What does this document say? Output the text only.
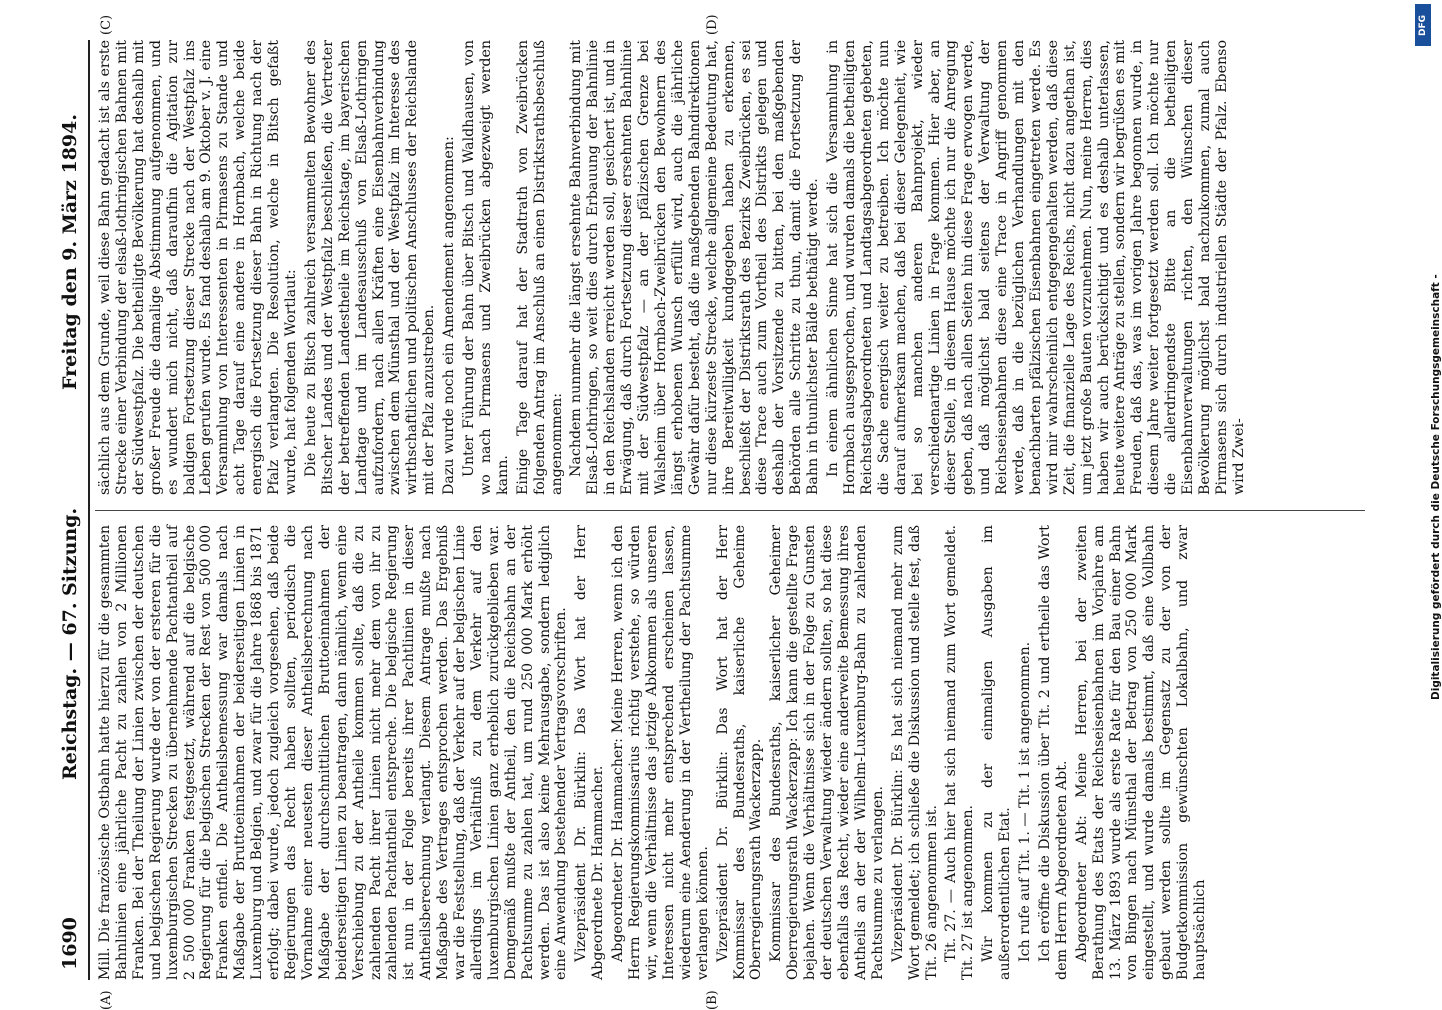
1690
Reichstag. — 67. Sitzung.
Freitag den 9. März 1894.
(A)	(B)
(C)	(D)

Mill. Die französische Ostbahn hatte hierzu für die gesammten Bahnlinien eine jährliche Pacht zu zahlen von 2 Millionen Franken. Bei der Theilung der Linien zwischen der deutschen und belgischen Regierung wurde der von der ersteren für die luxemburgischen Strecken zu übernehmende Pachtantheil auf 2 500 000 Franken festgesetzt, während auf die belgische Regierung für die belgischen Strecken der Rest von 500 000 Franken entfiel. Die Antheilsbemessung war damals nach Maßgabe der Bruttoeinnahmen der beiderseitigen Linien in Luxemburg und Belgien, und zwar für die Jahre 1868 bis 1871 erfolgt; dabei wurde, jedoch zugleich vorgesehen, daß beide Regierungen das Recht haben sollten, periodisch die Vornahme einer neuesten dieser Antheilsberechnung nach Maßgabe der durchschnittlichen Bruttoeinnahmen der beiderseitigen Linien zu beantragen, dann nämlich, wenn eine Verschiebung zu der Antheile kommen sollte, daß die zu zahlenden Pacht ihrer Linien nicht mehr dem von ihr zu zahlenden Pachtantheil entspreche. Die belgische Regierung ist nun in der Folge bereits ihrer Pachtlinien in dieser Antheilsberechnung verlangt. Diesem Antrage mußte nach Maßgabe des Vertrages entsprochen werden. Das Ergebniß war die Feststellung, daß der Verkehr auf der belgischen Linie allerdings im Verhältniß zu dem Verkehr auf den luxemburgischen Linien ganz erheblich zurückgeblieben war. Demgemäß mußte der Antheil, den die Reichsbahn an der Pachtsumme zu zahlen hat, um rund 250 000 Mark erhöht werden. Das ist also keine Mehrausgabe, sondern lediglich eine Anwendung bestehender Vertragsvorschriften. Vizepräsident Dr. Bürklin: Das Wort hat der Herr Abgeordnete Dr. Hammacher. Abgeordneter Dr. Hammacher: Meine Herren, wenn ich den Herrn Regierungskommissarius richtig verstehe, so würden wir, wenn die Verhältnisse das jetzige Abkommen als unseren Interessen nicht mehr entsprechend erscheinen lassen, wiederum eine Aenderung in der Vertheilung der Pachtsumme verlangen können. Vizepräsident Dr. Bürklin: Das Wort hat der Herr Kommissar des Bundesraths, kaiserliche Geheime Oberregierungsrath Wackerzapp. Kommissar des Bundesraths, kaiserlicher Geheimer Oberregierungsrath Wackerzapp: Ich kann die gestellte Frage bejahen. Wenn die Verhältnisse sich in der Folge zu Gunsten der deutschen Verwaltung wieder ändern sollten, so hat diese ebenfalls das Recht, wieder eine anderweite Bemessung ihres Antheils an der der Wilhelm-Luxemburg-Bahn zu zahlenden Pachtsumme zu verlangen. Vizepräsident Dr. Bürklin: Es hat sich niemand mehr zum Wort gemeldet; ich schließe die Diskussion und stelle fest, daß Tit. 26 angenommen ist. Tit. 27. — Auch hier hat sich niemand zum Wort gemeldet. Tit. 27 ist angenommen. Wir kommen zu der einmaligen Ausgaben im außerordentlichen Etat. Ich rufe auf Tit. 1. — Tit. 1 ist angenommen. Ich eröffne die Diskussion über Tit. 2 und ertheile das Wort dem Herrn Abgeordneten Abt. Abgeordneter Abt: Meine Herren, bei der zweiten Berathung des Etats der Reichseisenbahnen im Vorjahre am 13. März 1893 wurde als erste Rate für den Bau einer Bahn von Bingen nach Münsthal der Betrag von 250 000 Mark eingestellt, und wurde damals bestimmt, daß eine Vollbahn gebaut werden sollte im Gegensatz zu der von der Budgetkommission gewünschten Lokalbahn, und zwar hauptsächlich

sächlich aus dem Grunde, weil diese Bahn gedacht ist als erste Strecke einer Verbindung der elsaß-lothringischen Bahnen mit der Südwestpfalz. Die betheiligte Bevölkerung hat deshalb mit großer Freude die damalige Abstimmung aufgenommen, und es wundert mich nicht, daß daraufhin die Agitation zur baldigen Fortsetzung dieser Strecke nach der Westpfalz ins Leben gerufen wurde. Es fand deshalb am 9. Oktober v. J. eine Versammlung von Interessenten in Pirmasens zu Stande und acht Tage darauf eine andere in Hornbach, welche beide energisch die Fortsetzung dieser Bahn in Richtung nach der Pfalz verlangten. Die Resolution, welche in Bitsch gefaßt wurde, hat folgenden Wortlaut: Die heute zu Bitsch zahlreich versammelten Bewohner des Bitscher Landes und der Westpfalz beschließen, die Vertreter der betreffenden Landestheile im Reichstage, im bayerischen Landtage und im Landesausschuß von Elsaß-Lothringen aufzufordern, nach allen Kräften eine Eisenbahnverbindung zwischen dem Münsthal und der Westpfalz im Interesse des wirthschaftlichen und politischen Anschlusses der Reichslande mit der Pfalz anzustreben. Dazu wurde noch ein Amendement angenommen: Unter Führung der Bahn über Bitsch und Waldhausen, von wo nach Pirmasens und Zweibrücken abgezweigt werden kann. Einige Tage darauf hat der Stadtrath von Zweibrücken folgenden Antrag im Anschluß an einen Distriktsrathsbeschluß angenommen: Nachdem nunmehr die längst ersehnte Bahnverbindung mit Elsaß-Lothringen, so weit dies durch Erbauung der Bahnlinie in den Reichslanden erreicht werden soll, gesichert ist, und in Erwägung, daß durch Fortsetzung dieser ersehnten Bahnlinie mit der Südwestpfalz — an der pfälzischen Grenze bei Walsheim über Hornbach-Zweibrücken den Bewohnern des längst erhobenen Wunsch erfüllt wird, auch die jährliche Gewähr dafür besteht, daß die maßgebenden Bahndirektionen nur diese kürzeste Strecke, welche allgemeine Bedeutung hat, ihre Bereitwilligkeit kundgegeben haben zu erkennen, beschließt der Distriktsrath des Bezirks Zweibrücken, es sei diese Trace auch zum Vortheil des Distrikts gelegen und deshalb der Vorsitzende zu bitten, bei den maßgebenden Behörden alle Schritte zu thun, damit die Fortsetzung der Bahn in thunlichster Bälde bethätigt werde. In einem ähnlichen Sinne hat sich die Versammlung in Hornbach ausgesprochen, und wurden damals die betheiligten Reichstagsabgeordneten und Landtagsabgeordneten gebeten, die Sache energisch weiter zu betreiben. Ich möchte nun darauf aufmerksam machen, daß bei dieser Gelegenheit, wie bei so manchen anderen Bahnprojekt, wieder verschiedenartige Linien in Frage kommen. Hier aber, an dieser Stelle, in diesem Hause möchte ich nur die Anregung geben, daß nach allen Seiten hin diese Frage erwogen werde, und daß möglichst bald seitens der Verwaltung der Reichseisenbahnen diese eine Trace in Angriff genommen werde, daß in die bezüglichen Verhandlungen mit den benachbarten pfälzischen Eisenbahnen eingetreten werde. Es wird mir wahrscheinlich entgegengehalten werden, daß diese Zeit, die finanzielle Lage des Reichs, nicht dazu angethan ist, um jetzt große Bauten vorzunehmen. Nun, meine Herren, dies haben wir auch berücksichtigt und es deshalb unterlassen, heute weitere Anträge zu stellen, sondern wir begrüßen es mit Freuden, daß das, was im vorigen Jahre begonnen wurde, in diesem Jahre weiter fortgesetzt werden soll. Ich möchte nur die allerdringendste Bitte an die betheiligten Eisenbahnverwaltungen richten, den Wünschen dieser Bevölkerung möglichst bald nachzukommen, zumal auch Pirmasens sich durch industriellen Städte der Pfalz. Ebenso wird Zwei-

DFG
Digitalisierung gefördert durch die Deutsche Forschungsgemeinschaft -
